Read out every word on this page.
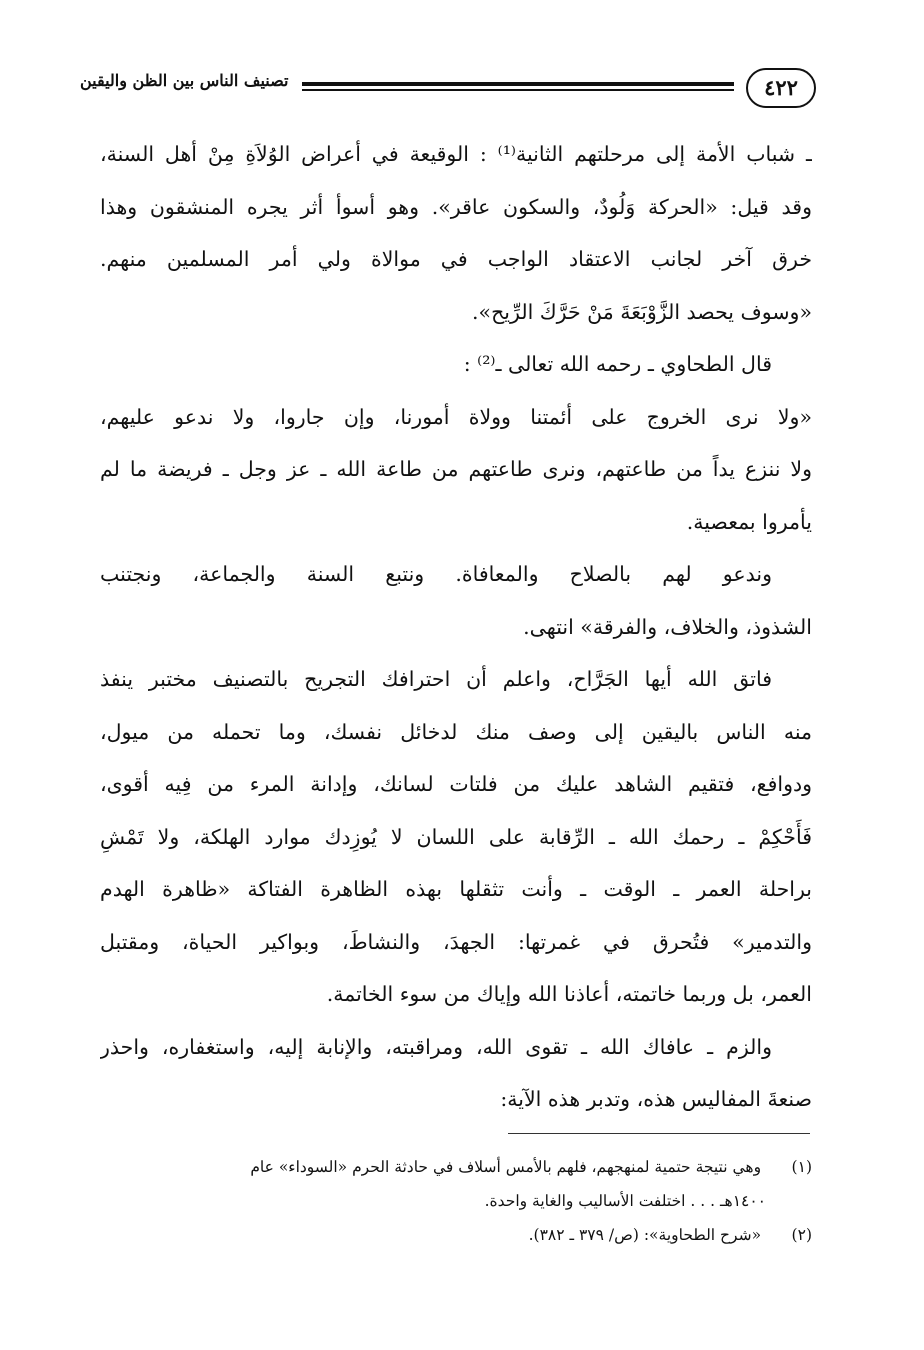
٤٢٢
تصنيف الناس بين الظن واليقين
ـ شباب الأمة إلى مرحلتهم الثانية⁽¹⁾ : الوقيعة في أعراض الوُلاَةِ مِنْ أهل السنة،
وقد قيل: «الحركة وَلُودٌ، والسكون عاقر». وهو أسوأ أثر يجره المنشقون وهذا
خرق آخر لجانب الاعتقاد الواجب في موالاة ولي أمر المسلمين منهم.
«وسوف يحصد الزَّوْبَعَةَ مَنْ حَرَّكَ الرِّيح».
قال الطحاوي ـ رحمه الله تعالى ـ⁽²⁾ :
«ولا نرى الخروج على أئمتنا وولاة أمورنا، وإن جاروا، ولا ندعو عليهم،
ولا ننزع يداً من طاعتهم، ونرى طاعتهم من طاعة الله ـ عز وجل ـ فريضة ما لم
يأمروا بمعصية.
وندعو لهم بالصلاح والمعافاة. ونتبع السنة والجماعة، ونجتنب
الشذوذ، والخلاف، والفرقة» انتهى.
فاتق الله أيها الجَرَّاح، واعلم أن احترافك التجريح بالتصنيف مختبر ينفذ
منه الناس باليقين إلى وصف منك لدخائل نفسك، وما تحمله من ميول،
ودوافع، فتقيم الشاهد عليك من فلتات لسانك، وإدانة المرء من فِيه أقوى،
فَأَحْكِمْ ـ رحمك الله ـ الرِّقابة على اللسان لا يُوزِدك موارد الهلكة، ولا تَمْشِ
براحلة العمر ـ الوقت ـ وأنت تثقلها بهذه الظاهرة الفتاكة «ظاهرة الهدم
والتدمير» فتُحرق في غمرتها: الجهدَ، والنشاطَ، وبواكير الحياة، ومقتبل
العمر، بل وربما خاتمته، أعاذنا الله وإياك من سوء الخاتمة.
والزم ـ عافاك الله ـ تقوى الله، ومراقبته، والإنابة إليه، واستغفاره، واحذر
صنعةَ المفاليس هذه، وتدبر هذه الآية:
(١) وهي نتيجة حتمية لمنهجهم، فلهم بالأمس أسلاف في حادثة الحرم «السوداء» عام
١٤٠٠هـ . . . اختلفت الأساليب والغاية واحدة.
(٢) «شرح الطحاوية»: (ص/ ٣٧٩ ـ ٣٨٢).
